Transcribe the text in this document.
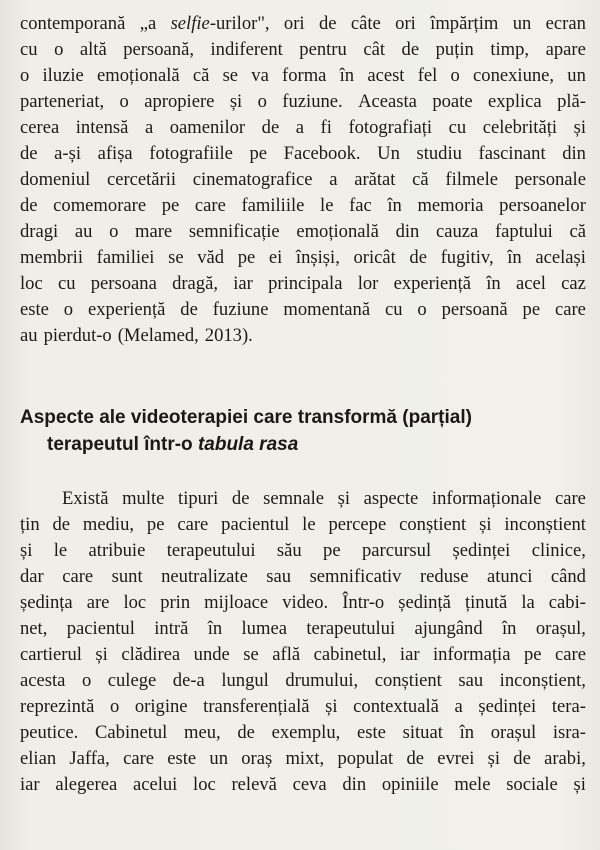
contemporană „a selfie-urilor", ori de câte ori împărțim un ecran
cu o altă persoană, indiferent pentru cât de puțin timp, apare
o iluzie emoțională că se va forma în acest fel o conexiune, un
parteneriat, o apropiere și o fuziune. Aceasta poate explica plă-
cerea intensă a oamenilor de a fi fotografiați cu celebrități și
de a-și afișa fotografiile pe Facebook. Un studiu fascinant din
domeniul cercetării cinematografice a arătat că filmele personale
de comemorare pe care familiile le fac în memoria persoanelor
dragi au o mare semnificație emoțională din cauza faptului că
membrii familiei se văd pe ei înșiși, oricât de fugitiv, în același
loc cu persoana dragă, iar principala lor experiență în acel caz
este o experiență de fuziune momentană cu o persoană pe care
au pierdut-o (Melamed, 2013).
Aspecte ale videoterapiei care transformă (parțial)
terapeutul într-o tabula rasa
Există multe tipuri de semnale și aspecte informaționale care
țin de mediu, pe care pacientul le percepe conștient și inconștient
și le atribuie terapeutului său pe parcursul ședinței clinice,
dar care sunt neutralizate sau semnificativ reduse atunci când
ședința are loc prin mijloace video. Într-o ședință ținută la cabi-
net, pacientul intră în lumea terapeutului ajungând în orașul,
cartierul și clădirea unde se află cabinetul, iar informația pe care
acesta o culege de-a lungul drumului, conștient sau inconștient,
reprezintă o origine transferențială și contextuală a ședinței tera-
peutice. Cabinetul meu, de exemplu, este situat în orașul isra-
elian Jaffa, care este un oraș mixt, populat de evrei și de arabi,
iar alegerea acelui loc relevă ceva din opiniile mele sociale și
